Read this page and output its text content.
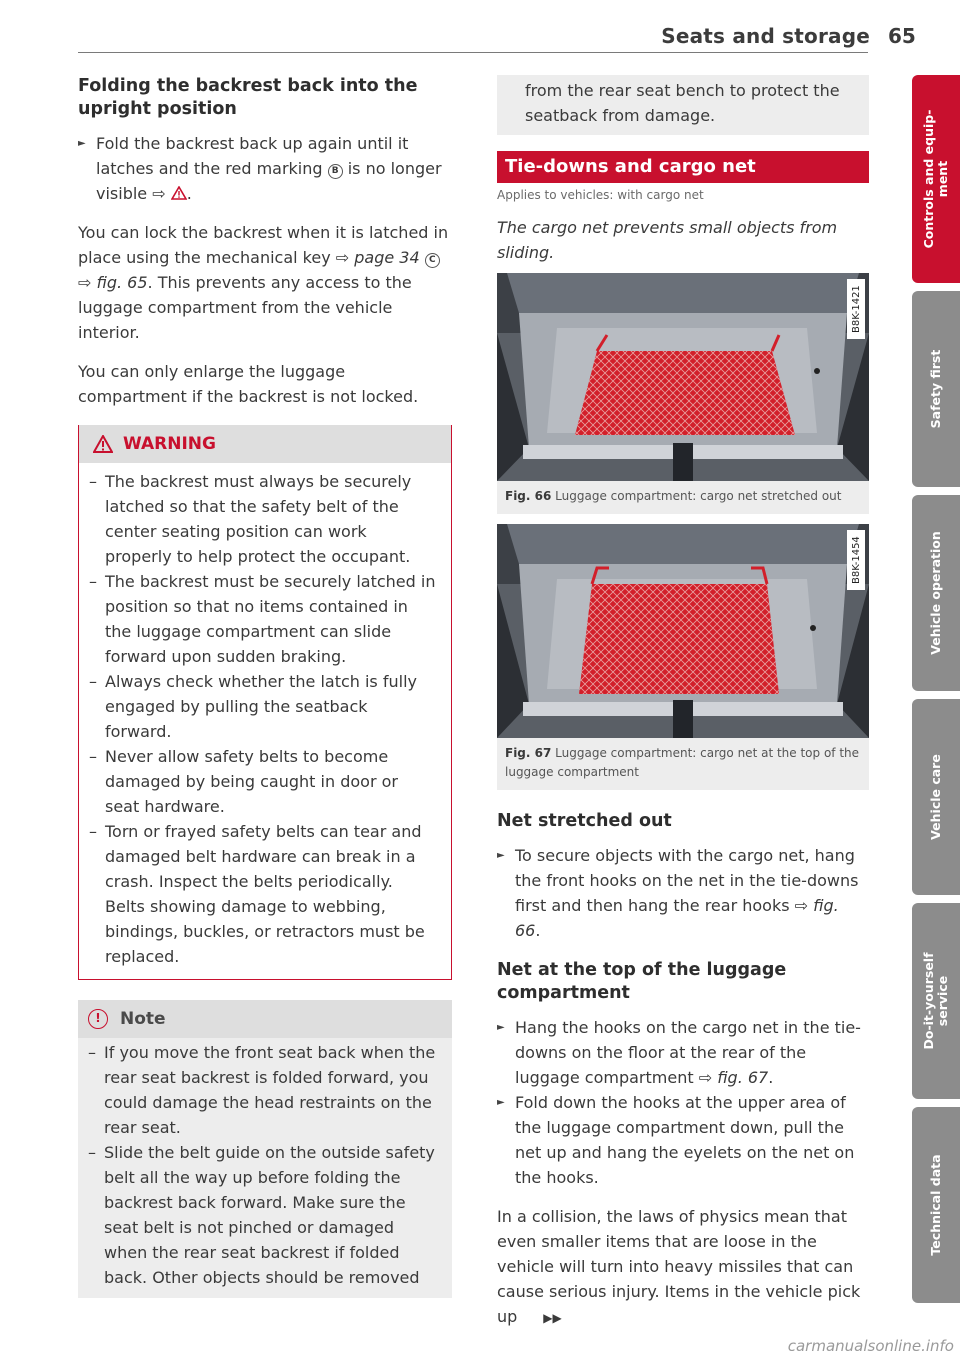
Seats and storage 65
Folding the backrest back into the upright position

► Fold the backrest back up again until it latches and the red marking B is no longer visible ⇨ .

You can lock the backrest when it is latched in place using the mechanical key ⇨ page 34 C ⇨ fig. 65. This prevents any access to the luggage compartment from the vehicle interior.

You can only enlarge the luggage compartment if the backrest is not locked.

WARNING

– The backrest must always be securely latched so that the safety belt of the center seating position can work properly to help protect the occupant.

– The backrest must be securely latched in position so that no items contained in the luggage compartment can slide forward upon sudden braking.

– Always check whether the latch is fully engaged by pulling the seatback forward.

– Never allow safety belts to become damaged by being caught in door or seat hardware.

– Torn or frayed safety belts can tear and damaged belt hardware can break in a crash. Inspect the belts periodically. Belts showing damage to webbing, bindings, buckles, or retractors must be replaced.

!	Note

– If you move the front seat back when the rear seat backrest is folded forward, you could damage the head restraints on the rear seat.

– Slide the belt guide on the outside safety belt all the way up before folding the backrest back forward. Make sure the seat belt is not pinched or damaged when the rear seat backrest if folded back. Other objects should be removed

from the rear seat bench to protect the seatback from damage.

Tie-downs and cargo net

Applies to vehicles: with cargo net

The cargo net prevents small objects from sliding.

B8K-1421

Fig. 66 Luggage compartment: cargo net stretched out

B8K-1454

Fig. 67 Luggage compartment: cargo net at the top of the luggage compartment

Net stretched out

► To secure objects with the cargo net, hang the front hooks on the net in the tie-downs first and then hang the rear hooks ⇨ fig. 66.

Net at the top of the luggage compartment

► Hang the hooks on the cargo net in the tie-downs on the floor at the rear of the luggage compartment ⇨ fig. 67.

► Fold down the hooks at the upper area of the luggage compartment down, pull the net up and hang the eyelets on the net on the hooks.

In a collision, the laws of physics mean that even smaller items that are loose in the vehicle will turn into heavy missiles that can cause serious injury. Items in the vehicle pick up ▶▶

Controls and equip-
ment
Safety first
Vehicle operation
Vehicle care
Do-it-yourself
service
Technical data
carmanualsonline.info
